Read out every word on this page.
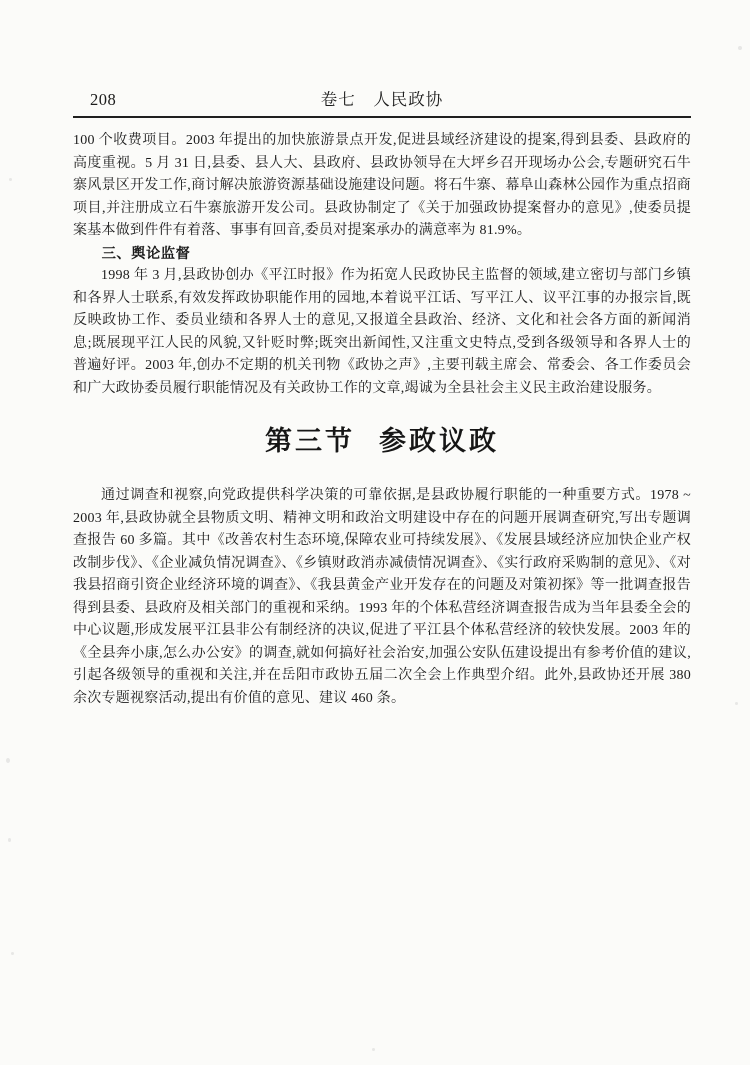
208	卷七　人民政协

100 个收费项目。2003 年提出的加快旅游景点开发,促进县域经济建设的提案,得到县委、县政府的高度重视。5 月 31 日,县委、县人大、县政府、县政协领导在大坪乡召开现场办公会,专题研究石牛寨风景区开发工作,商讨解决旅游资源基础设施建设问题。将石牛寨、幕阜山森林公园作为重点招商项目,并注册成立石牛寨旅游开发公司。县政协制定了《关于加强政协提案督办的意见》,使委员提案基本做到件件有着落、事事有回音,委员对提案承办的满意率为 81.9%。

三、舆论监督

1998 年 3 月,县政协创办《平江时报》作为拓宽人民政协民主监督的领域,建立密切与部门乡镇和各界人士联系,有效发挥政协职能作用的园地,本着说平江话、写平江人、议平江事的办报宗旨,既反映政协工作、委员业绩和各界人士的意见,又报道全县政治、经济、文化和社会各方面的新闻消息;既展现平江人民的风貌,又针贬时弊;既突出新闻性,又注重文史特点,受到各级领导和各界人士的普遍好评。2003 年,创办不定期的机关刊物《政协之声》,主要刊载主席会、常委会、各工作委员会和广大政协委员履行职能情况及有关政协工作的文章,竭诚为全县社会主义民主政治建设服务。

第三节 参政议政

通过调查和视察,向党政提供科学决策的可靠依据,是县政协履行职能的一种重要方式。1978 ~ 2003 年,县政协就全县物质文明、精神文明和政治文明建设中存在的问题开展调查研究,写出专题调查报告 60 多篇。其中《改善农村生态环境,保障农业可持续发展》、《发展县域经济应加快企业产权改制步伐》、《企业减负情况调查》、《乡镇财政消赤减债情况调查》、《实行政府采购制的意见》、《对我县招商引资企业经济环境的调查》、《我县黄金产业开发存在的问题及对策初探》等一批调查报告得到县委、县政府及相关部门的重视和采纳。1993 年的个体私营经济调查报告成为当年县委全会的中心议题,形成发展平江县非公有制经济的决议,促进了平江县个体私营经济的较快发展。2003 年的《全县奔小康,怎么办公安》的调查,就如何搞好社会治安,加强公安队伍建设提出有参考价值的建议,引起各级领导的重视和关注,并在岳阳市政协五届二次全会上作典型介绍。此外,县政协还开展 380 余次专题视察活动,提出有价值的意见、建议 460 条。
